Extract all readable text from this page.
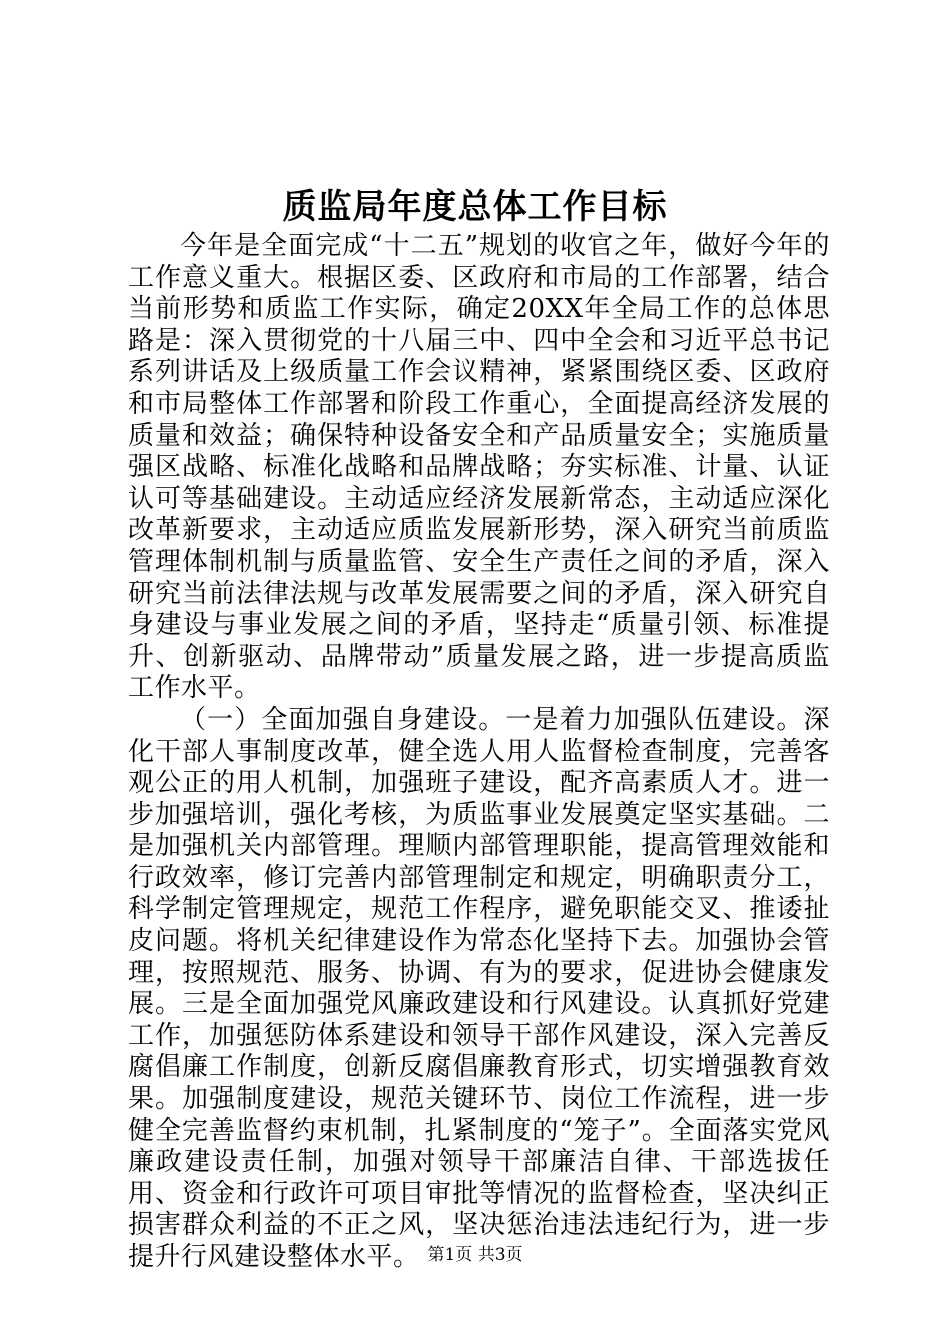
质监局年度总体工作目标

今年是全面完成“十二五”规划的收官之年，做好今年的工作意义重大。根据区委、区政府和市局的工作部署，结合当前形势和质监工作实际，确定20XX年全局工作的总体思路是：深入贯彻党的十八届三中、四中全会和习近平总书记系列讲话及上级质量工作会议精神，紧紧围绕区委、区政府和市局整体工作部署和阶段工作重心，全面提高经济发展的质量和效益；确保特种设备安全和产品质量安全；实施质量强区战略、标准化战略和品牌战略；夯实标准、计量、认证认可等基础建设。主动适应经济发展新常态，主动适应深化改革新要求，主动适应质监发展新形势，深入研究当前质监管理体制机制与质量监管、安全生产责任之间的矛盾，深入研究当前法律法规与改革发展需要之间的矛盾，深入研究自身建设与事业发展之间的矛盾，坚持走“质量引领、标准提升、创新驱动、品牌带动”质量发展之路，进一步提高质监工作水平。

（一）全面加强自身建设。一是着力加强队伍建设。深化干部人事制度改革，健全选人用人监督检查制度，完善客观公正的用人机制，加强班子建设，配齐高素质人才。进一步加强培训，强化考核，为质监事业发展奠定坚实基础。二是加强机关内部管理。理顺内部管理职能，提高管理效能和行政效率，修订完善内部管理制定和规定，明确职责分工，科学制定管理规定，规范工作程序，避免职能交叉、推诿扯皮问题。将机关纪律建设作为常态化坚持下去。加强协会管理，按照规范、服务、协调、有为的要求，促进协会健康发展。三是全面加强党风廉政建设和行风建设。认真抓好党建工作，加强惩防体系建设和领导干部作风建设，深入完善反腐倡廉工作制度，创新反腐倡廉教育形式，切实增强教育效果。加强制度建设，规范关键环节、岗位工作流程，进一步健全完善监督约束机制，扎紧制度的“笼子”。全面落实党风廉政建设责任制，加强对领导干部廉洁自律、干部选拔任用、资金和行政许可项目审批等情况的监督检查，坚决纠正损害群众利益的不正之风，坚决惩治违法违纪行为，进一步提升行风建设整体水平。 第1页 共3页
